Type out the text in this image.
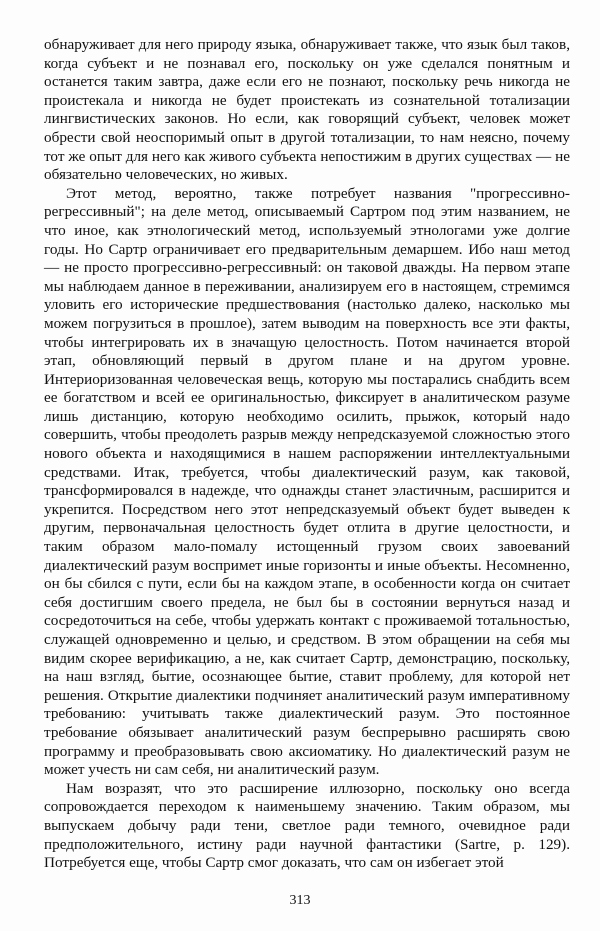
обнаруживает для него природу языка, обнаруживает также, что язык был таков, когда субъект и не познавал его, поскольку он уже сделался понятным и останется таким завтра, даже если его не познают, поскольку речь никогда не проистекала и никогда не будет проистекать из сознательной тотализации лингвистических законов. Но если, как говорящий субъект, человек может обрести свой неоспоримый опыт в другой тотализации, то нам неясно, почему тот же опыт для него как живого субъекта непостижим в других существах — не обязательно человеческих, но живых.

Этот метод, вероятно, также потребует названия "прогрессивно-регрессивный"; на деле метод, описываемый Сартром под этим названием, не что иное, как этнологический метод, используемый этнологами уже долгие годы. Но Сартр ограничивает его предварительным демаршем. Ибо наш метод — не просто прогрессивно-регрессивный: он таковой дважды. На первом этапе мы наблюдаем данное в переживании, анализируем его в настоящем, стремимся уловить его исторические предшествования (настолько далеко, насколько мы можем погрузиться в прошлое), затем выводим на поверхность все эти факты, чтобы интегрировать их в значащую целостность. Потом начинается второй этап, обновляющий первый в другом плане и на другом уровне. Интериоризованная человеческая вещь, которую мы постарались снабдить всем ее богатством и всей ее оригинальностью, фиксирует в аналитическом разуме лишь дистанцию, которую необходимо осилить, прыжок, который надо совершить, чтобы преодолеть разрыв между непредсказуемой сложностью этого нового объекта и находящимися в нашем распоряжении интеллектуальными средствами. Итак, требуется, чтобы диалектический разум, как таковой, трансформировался в надежде, что однажды станет эластичным, расширится и укрепится. Посредством него этот непредсказуемый объект будет выведен к другим, первоначальная целостность будет отлита в другие целостности, и таким образом мало-помалу истощенный грузом своих завоеваний диалектический разум воспримет иные горизонты и иные объекты. Несомненно, он бы сбился с пути, если бы на каждом этапе, в особенности когда он считает себя достигшим своего предела, не был бы в состоянии вернуться назад и сосредоточиться на себе, чтобы удержать контакт с проживаемой тотальностью, служащей одновременно и целью, и средством. В этом обращении на себя мы видим скорее верификацию, а не, как считает Сартр, демонстрацию, поскольку, на наш взгляд, бытие, осознающее бытие, ставит проблему, для которой нет решения. Открытие диалектики подчиняет аналитический разум императивному требованию: учитывать также диалектический разум. Это постоянное требование обязывает аналитический разум беспрерывно расширять свою программу и преобразовывать свою аксиоматику. Но диалектический разум не может учесть ни сам себя, ни аналитический разум.

Нам возразят, что это расширение иллюзорно, поскольку оно всегда сопровождается переходом к наименьшему значению. Таким образом, мы выпускаем добычу ради тени, светлое ради темного, очевидное ради предположительного, истину ради научной фантастики (Sartre, p. 129). Потребуется еще, чтобы Сартр смог доказать, что сам он избегает этой

313
